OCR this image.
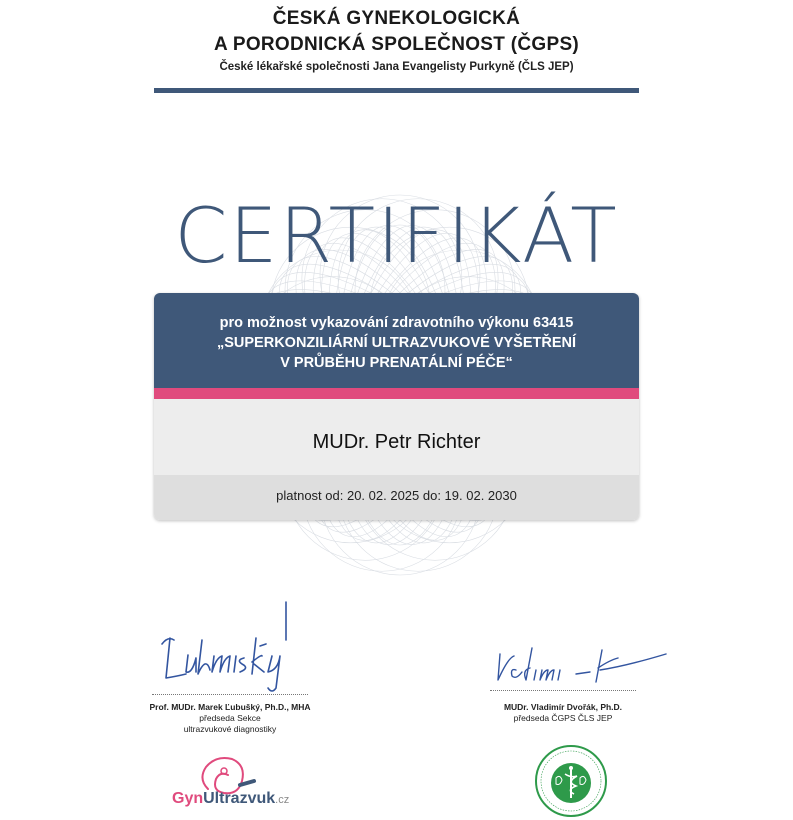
ČESKÁ GYNEKOLOGICKÁ
A PORODNICKÁ SPOLEČNOST (ČGPS)
České lékařské společnosti Jana Evangelisty Purkyně (ČLS JEP)
CERTIFIKÁT
pro možnost vykazování zdravotního výkonu 63415
„SUPERKONZILIÁRNÍ ULTRAZVUKOVÉ VYŠETŘENÍ
V PRŮBĚHU PRENATÁLNÍ PÉČE“
MUDr. Petr Richter
platnost od: 20. 02. 2025 do: 19. 02. 2030
Prof. MUDr. Marek Ľubušký, Ph.D., MHA
předseda Sekce
ultrazvukové diagnostiky
MUDr. Vladimír Dvořák, Ph.D.
předseda ČGPS ČLS JEP
GynUltrazvuk.cz
